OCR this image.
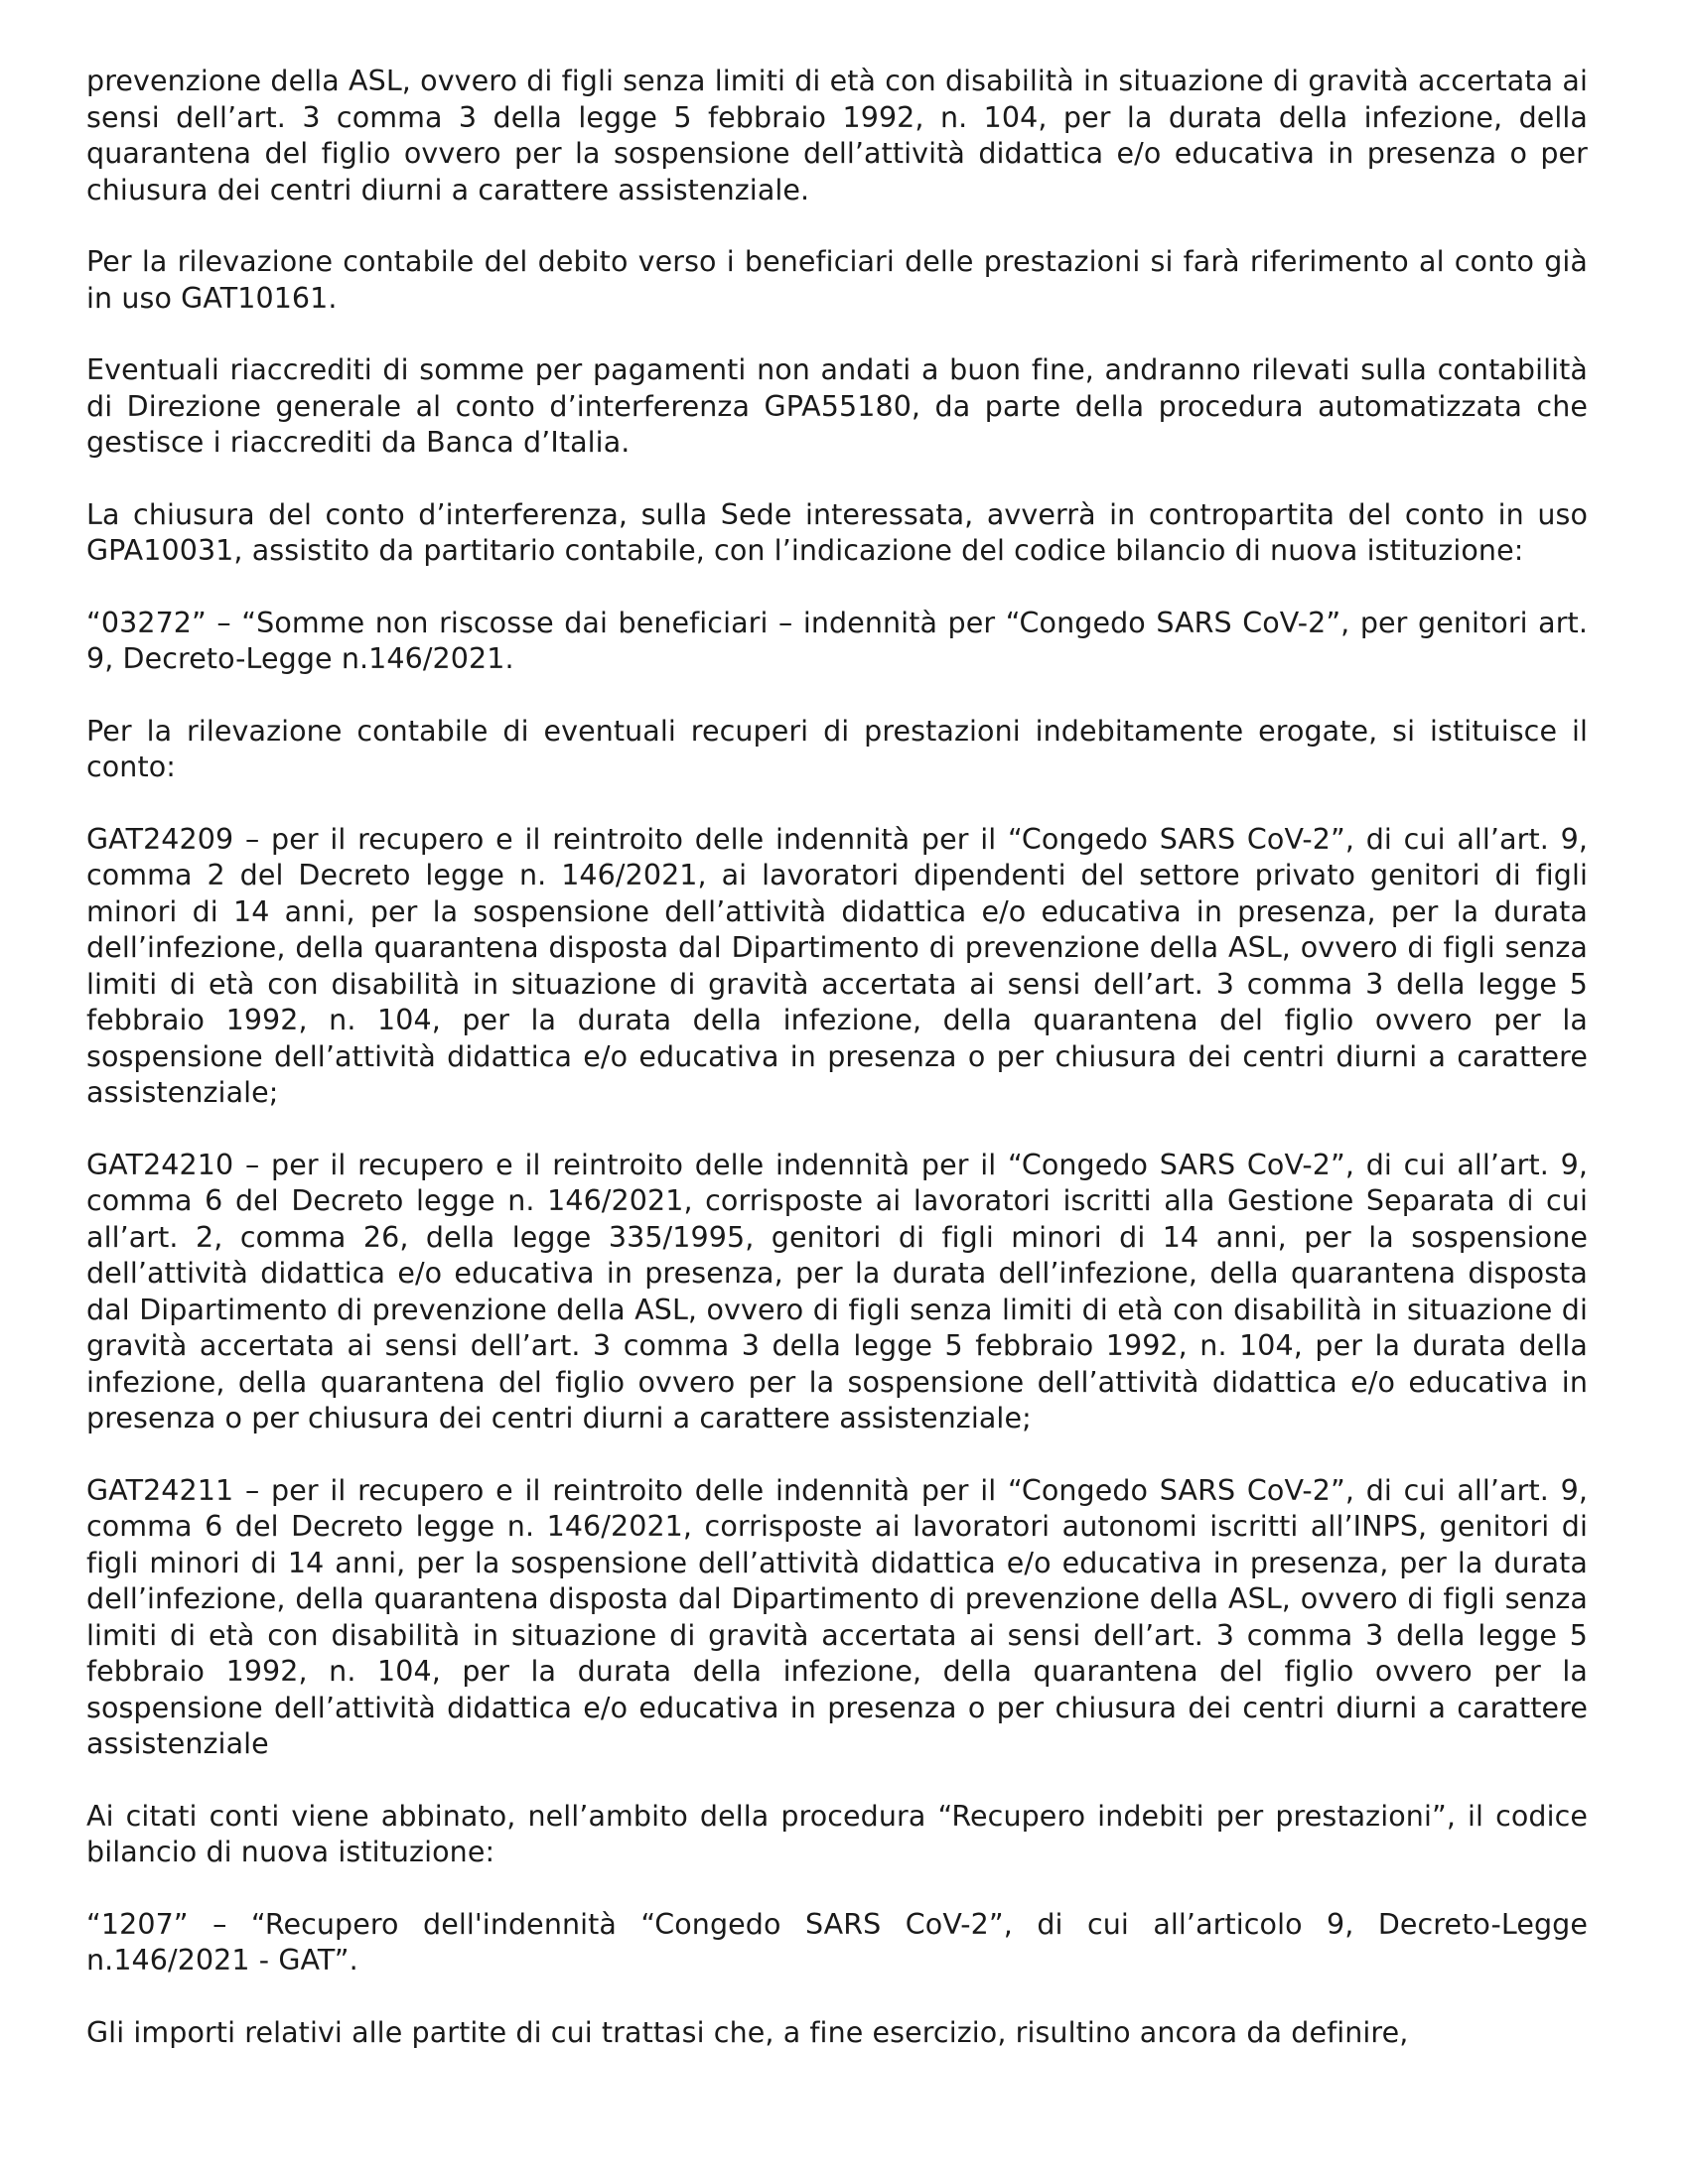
prevenzione della ASL, ovvero di figli senza limiti di età con disabilità in situazione di gravità accertata ai sensi dell’art. 3 comma 3 della legge 5 febbraio 1992, n. 104, per la durata della infezione, della quarantena del figlio ovvero per la sospensione dell’attività didattica e/o educativa in presenza o per chiusura dei centri diurni a carattere assistenziale.

Per la rilevazione contabile del debito verso i beneficiari delle prestazioni si farà riferimento al conto già in uso GAT10161.

Eventuali riaccrediti di somme per pagamenti non andati a buon fine, andranno rilevati sulla contabilità di Direzione generale al conto d’interferenza GPA55180, da parte della procedura automatizzata che gestisce i riaccrediti da Banca d’Italia.

La chiusura del conto d’interferenza, sulla Sede interessata, avverrà in contropartita del conto in uso GPA10031, assistito da partitario contabile, con l’indicazione del codice bilancio di nuova istituzione:

“03272” – “Somme non riscosse dai beneficiari – indennità per “Congedo SARS CoV-2”, per genitori art. 9, Decreto-Legge n.146/2021.

Per la rilevazione contabile di eventuali recuperi di prestazioni indebitamente erogate, si istituisce il conto:

GAT24209 – per il recupero e il reintroito delle indennità per il “Congedo SARS CoV-2”, di cui all’art. 9, comma 2 del Decreto legge n. 146/2021, ai lavoratori dipendenti del settore privato genitori di figli minori di 14 anni, per la sospensione dell’attività didattica e/o educativa in presenza, per la durata dell’infezione, della quarantena disposta dal Dipartimento di prevenzione della ASL, ovvero di figli senza limiti di età con disabilità in situazione di gravità accertata ai sensi dell’art. 3 comma 3 della legge 5 febbraio 1992, n. 104, per la durata della infezione, della quarantena del figlio ovvero per la sospensione dell’attività didattica e/o educativa in presenza o per chiusura dei centri diurni a carattere assistenziale;

GAT24210 – per il recupero e il reintroito delle indennità per il “Congedo SARS CoV-2”, di cui all’art. 9, comma 6 del Decreto legge n. 146/2021, corrisposte ai lavoratori iscritti alla Gestione Separata di cui all’art. 2, comma 26, della legge 335/1995, genitori di figli minori di 14 anni, per la sospensione dell’attività didattica e/o educativa in presenza, per la durata dell’infezione, della quarantena disposta dal Dipartimento di prevenzione della ASL, ovvero di figli senza limiti di età con disabilità in situazione di gravità accertata ai sensi dell’art. 3 comma 3 della legge 5 febbraio 1992, n. 104, per la durata della infezione, della quarantena del figlio ovvero per la sospensione dell’attività didattica e/o educativa in presenza o per chiusura dei centri diurni a carattere assistenziale;

GAT24211 – per il recupero e il reintroito delle indennità per il “Congedo SARS CoV-2”, di cui all’art. 9, comma 6 del Decreto legge n. 146/2021, corrisposte ai lavoratori autonomi iscritti all’INPS, genitori di figli minori di 14 anni, per la sospensione dell’attività didattica e/o educativa in presenza, per la durata dell’infezione, della quarantena disposta dal Dipartimento di prevenzione della ASL, ovvero di figli senza limiti di età con disabilità in situazione di gravità accertata ai sensi dell’art. 3 comma 3 della legge 5 febbraio 1992, n. 104, per la durata della infezione, della quarantena del figlio ovvero per la sospensione dell’attività didattica e/o educativa in presenza o per chiusura dei centri diurni a carattere assistenziale

Ai citati conti viene abbinato, nell’ambito della procedura “Recupero indebiti per prestazioni”, il codice bilancio di nuova istituzione:

“1207” – “Recupero dell'indennità “Congedo SARS CoV-2”, di cui all’articolo 9, Decreto-Legge n.146/2021 - GAT”.

Gli importi relativi alle partite di cui trattasi che, a fine esercizio, risultino ancora da definire,
